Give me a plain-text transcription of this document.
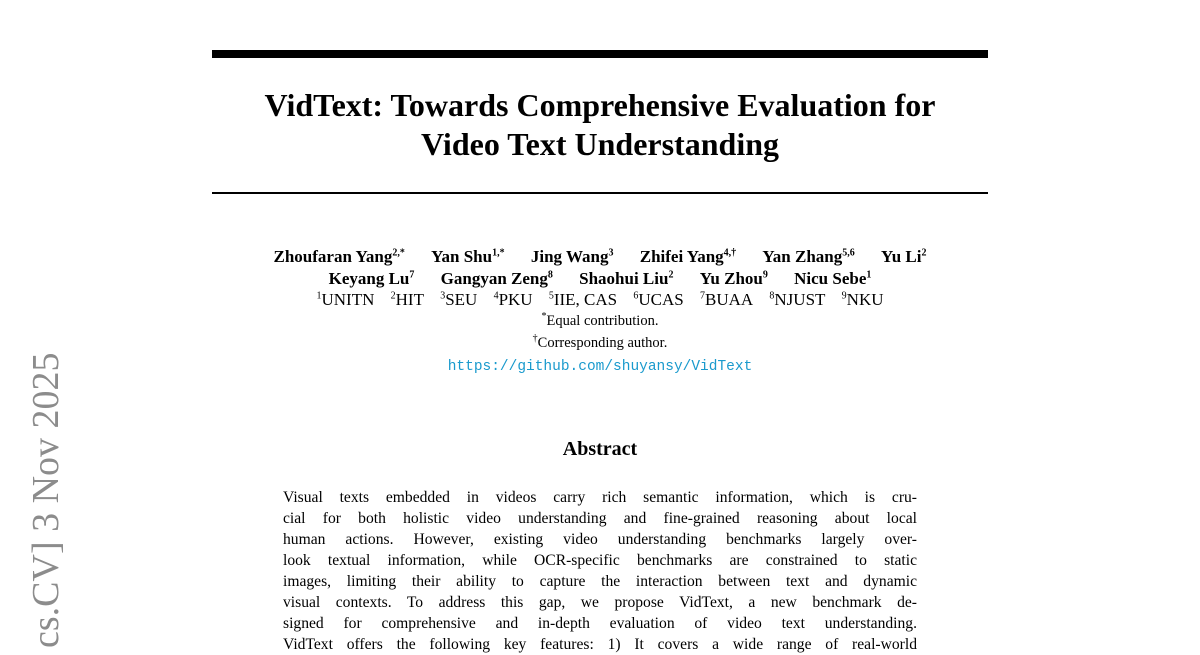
VidText: Towards Comprehensive Evaluation for
Video Text Understanding
Zhoufaran Yang$^{2,*}$ Yan Shu$^{1,*}$ Jing Wang$^3$ Zhifei Yang$^{4,\dagger}$ Yan Zhang$^{5,6}$ Yu Li$^2$
Keyang Lu$^7$ Gangyan Zeng$^8$ Shaohui Liu$^2$ Yu Zhou$^9$ Nicu Sebe$^1$
$^1$UNITN $^2$HIT $^3$SEU $^4$PKU $^5$IIE, CAS $^6$UCAS $^7$BUAA $^8$NJUST $^9$NKU
*Equal contribution.
†Corresponding author.
https://github.com/shuyansy/VidText
Abstract
Visual texts embedded in videos carry rich semantic information, which is cru-
cial for both holistic video understanding and fine-grained reasoning about local
human actions. However, existing video understanding benchmarks largely over-
look textual information, while OCR-specific benchmarks are constrained to static
images, limiting their ability to capture the interaction between text and dynamic
visual contexts. To address this gap, we propose VidText, a new benchmark de-
signed for comprehensive and in-depth evaluation of video text understanding.
VidText offers the following key features: 1) It covers a wide range of real-world
cs.CV] 3 Nov 2025
